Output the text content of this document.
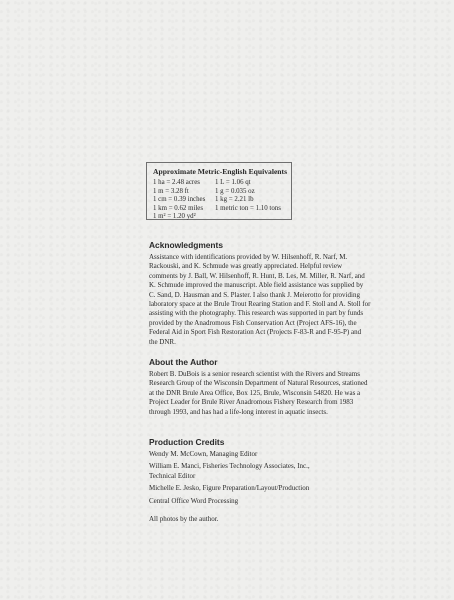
Approximate Metric-English Equivalents
1 ha = 2.48 acres	1 L = 1.06 qt
1 m = 3.28 ft	1 g = 0.035 oz
1 cm = 0.39 inches	1 kg = 2.21 lb
1 km = 0.62 miles	1 metric ton = 1.10 tons
1 m² = 1.20 yd²
Acknowledgments

Assistance with identifications provided by W. Hilsenhoff, R. Narf, M. Rackouski, and K. Schmude was greatly appreciated. Helpful review comments by J. Ball, W. Hilsenhoff, R. Hunt, B. Les, M. Miller, R. Narf, and K. Schmude improved the manuscript. Able field assistance was supplied by C. Sand, D. Hausman and S. Plaster. I also thank J. Meierotto for providing laboratory space at the Brule Trout Rearing Station and F. Stoll and A. Stoll for assisting with the photography. This research was supported in part by funds provided by the Anadromous Fish Conservation Act (Project AFS-16), the Federal Aid in Sport Fish Restoration Act (Projects F-83-R and F-95-P) and the DNR.

About the Author

Robert B. DuBois is a senior research scientist with the Rivers and Streams Research Group of the Wisconsin Department of Natural Resources, stationed at the DNR Brule Area Office, Box 125, Brule, Wisconsin 54820. He was a Project Leader for Brule River Anadromous Fishery Research from 1983 through 1993, and has had a life-long interest in aquatic insects.

Production Credits

Wendy M. McCown, Managing Editor

William E. Manci, Fisheries Technology Associates, Inc.,

Technical Editor

Michelle E. Jesko, Figure Preparation/Layout/Production

Central Office Word Processing

All photos by the author.
